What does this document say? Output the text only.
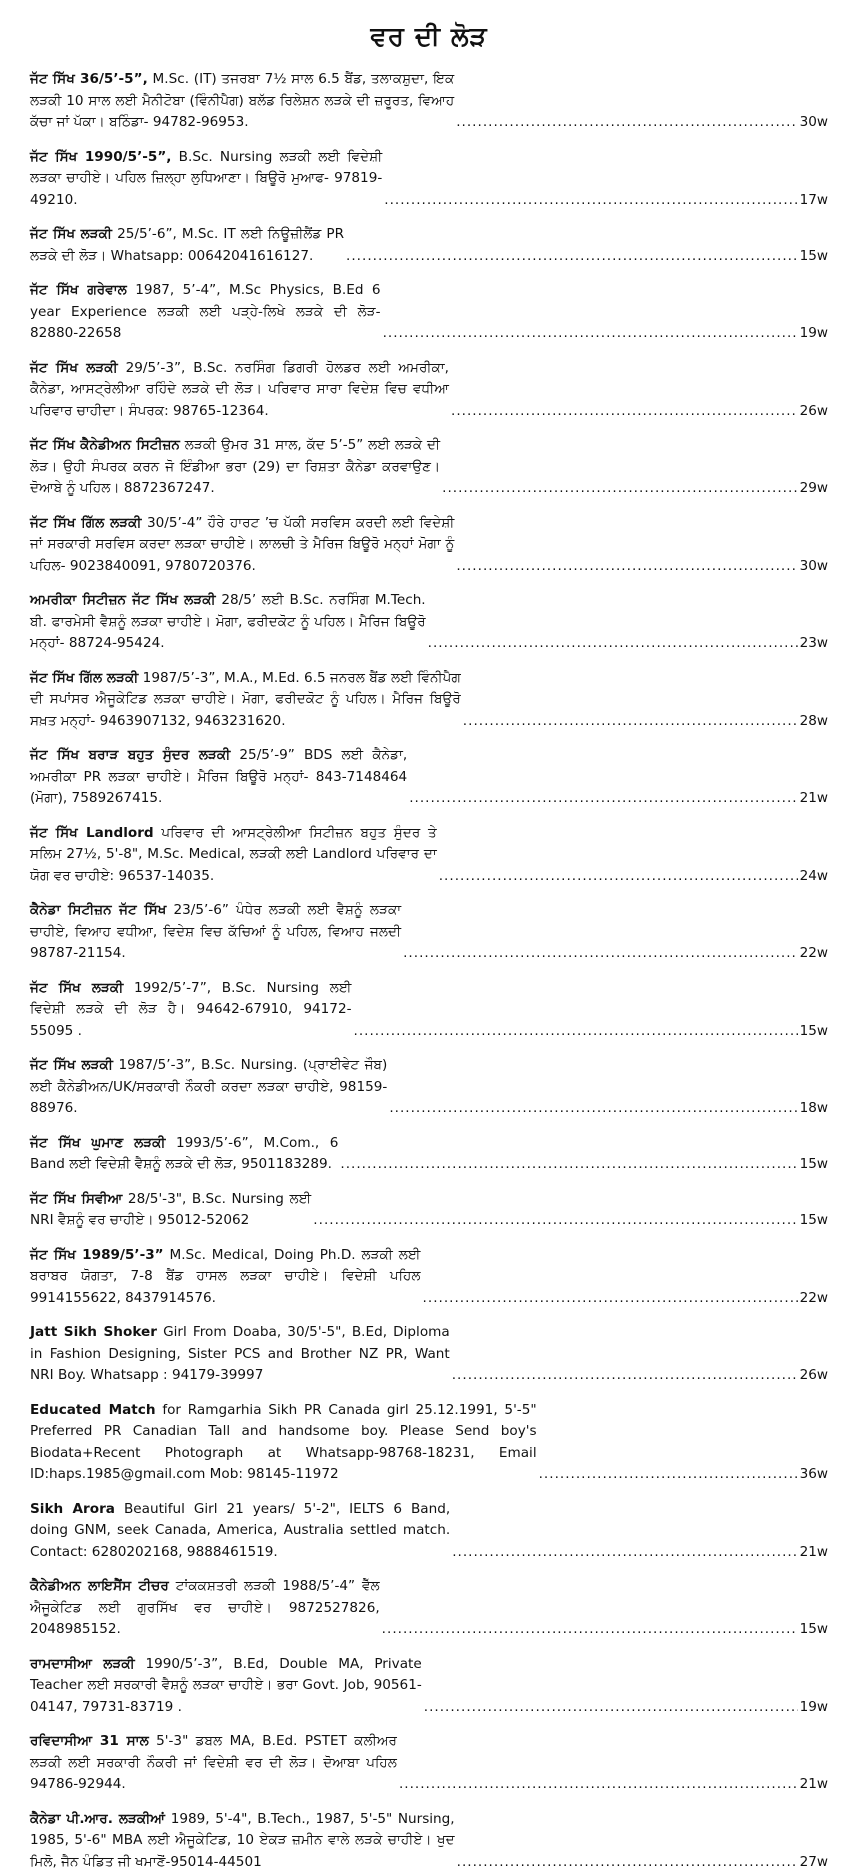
ਵਰ ਦੀ ਲੋੜ
ਜੱਟ ਸਿੱਖ 36/5’-5”, M.Sc. (IT) ਤਜਰਬਾ 7½ ਸਾਲ 6.5 ਬੈਂਡ, ਤਲਾਕਸ਼ੁਦਾ, ਇਕ ਲੜਕੀ 10 ਸਾਲ ਲਈ ਮੈਨੀਟੋਬਾ (ਵਿੰਨੀਪੈਗ) ਬਲੱਡ ਰਿਲੇਸ਼ਨ ਲੜਕੇ ਦੀ ਜ਼ਰੂਰਤ, ਵਿਆਹ ਕੱਚਾ ਜਾਂ ਪੱਕਾ। ਬਠਿੰਡਾ- 94782-96953. .....	30w
ਜੱਟ ਸਿੱਖ 1990/5’-5”, B.Sc. Nursing ਲੜਕੀ ਲਈ ਵਿਦੇਸ਼ੀ ਲੜਕਾ ਚਾਹੀਏ। ਪਹਿਲ ਜ਼ਿਲ੍ਹਾ ਲੁਧਿਆਣਾ। ਬਿਊਰੋ ਮੁਆਫ- 97819-49210. .....	17w
ਜੱਟ ਸਿੱਖ ਲੜਕੀ 25/5’-6”, M.Sc. IT ਲਈ ਨਿਊਜ਼ੀਲੈਂਡ PR ਲੜਕੇ ਦੀ ਲੋੜ। Whatsapp: 00642041616127. .....	15w
ਜੱਟ ਸਿੱਖ ਗਰੇਵਾਲ 1987, 5’-4”, M.Sc Physics, B.Ed 6 year Experience ਲੜਕੀ ਲਈ ਪੜ੍ਹੇ-ਲਿਖੇ ਲੜਕੇ ਦੀ ਲੋੜ- 82880-22658 .....	19w
ਜੱਟ ਸਿੱਖ ਲੜਕੀ 29/5’-3”, B.Sc. ਨਰਸਿੰਗ ਡਿਗਰੀ ਹੋਲਡਰ ਲਈ ਅਮਰੀਕਾ, ਕੈਨੇਡਾ, ਆਸਟ੍ਰੇਲੀਆ ਰਹਿੰਦੇ ਲੜਕੇ ਦੀ ਲੋੜ। ਪਰਿਵਾਰ ਸਾਰਾ ਵਿਦੇਸ਼ ਵਿਚ ਵਧੀਆ ਪਰਿਵਾਰ ਚਾਹੀਦਾ। ਸੰਪਰਕ: 98765-12364. .....	26w
ਜੱਟ ਸਿੱਖ ਕੈਨੇਡੀਅਨ ਸਿਟੀਜ਼ਨ ਲੜਕੀ ਉਮਰ 31 ਸਾਲ, ਕੱਦ 5’-5” ਲਈ ਲੜਕੇ ਦੀ ਲੋੜ। ਉਹੀ ਸੰਪਰਕ ਕਰਨ ਜੋ ਇੰਡੀਆ ਭਰਾ (29) ਦਾ ਰਿਸ਼ਤਾ ਕੈਨੇਡਾ ਕਰਵਾਉਣ। ਦੋਆਬੇ ਨੂੰ ਪਹਿਲ। 8872367247. .....	29w
ਜੱਟ ਸਿੱਖ ਗਿੱਲ ਲੜਕੀ 30/5’-4” ਹੌਰੇ ਹਾਰਟ ’ਚ ਪੱਕੀ ਸਰਵਿਸ ਕਰਦੀ ਲਈ ਵਿਦੇਸ਼ੀ ਜਾਂ ਸਰਕਾਰੀ ਸਰਵਿਸ ਕਰਦਾ ਲੜਕਾ ਚਾਹੀਏ। ਲਾਲਚੀ ਤੇ ਮੈਰਿਜ ਬਿਊਰੋ ਮਨ੍ਹਾਂ ਮੋਗਾ ਨੂੰ ਪਹਿਲ- 9023840091, 9780720376. .....	30w
ਅਮਰੀਕਾ ਸਿਟੀਜ਼ਨ ਜੱਟ ਸਿੱਖ ਲੜਕੀ 28/5’ ਲਈ B.Sc. ਨਰਸਿੰਗ M.Tech. ਬੀ. ਫਾਰਮੇਸੀ ਵੈਸ਼ਨੂੰ ਲੜਕਾ ਚਾਹੀਏ। ਮੋਗਾ, ਫਰੀਦਕੋਟ ਨੂੰ ਪਹਿਲ। ਮੈਰਿਜ ਬਿਊਰੋ ਮਨ੍ਹਾਂ- 88724-95424. .....	23w
ਜੱਟ ਸਿੱਖ ਗਿੱਲ ਲੜਕੀ 1987/5’-3”, M.A., M.Ed. 6.5 ਜਨਰਲ ਬੈਂਡ ਲਈ ਵਿੰਨੀਪੈਗ ਦੀ ਸਪਾਂਸਰ ਐਜੂਕੇਟਿਡ ਲੜਕਾ ਚਾਹੀਏ। ਮੋਗਾ, ਫਰੀਦਕੋਟ ਨੂੰ ਪਹਿਲ। ਮੈਰਿਜ ਬਿਊਰੋ ਸਖ਼ਤ ਮਨ੍ਹਾਂ- 9463907132, 9463231620. .....	28w
ਜੱਟ ਸਿੱਖ ਬਰਾੜ ਬਹੁਤ ਸੁੰਦਰ ਲੜਕੀ 25/5’-9” BDS ਲਈ ਕੈਨੇਡਾ, ਅਮਰੀਕਾ PR ਲੜਕਾ ਚਾਹੀਏ। ਮੈਰਿਜ ਬਿਊਰੋ ਮਨ੍ਹਾਂ- 843-7148464 (ਮੋਗਾ), 7589267415. .....	21w
ਜੱਟ ਸਿੱਖ Landlord ਪਰਿਵਾਰ ਦੀ ਆਸਟ੍ਰੇਲੀਆ ਸਿਟੀਜ਼ਨ ਬਹੁਤ ਸੁੰਦਰ ਤੇ ਸਲਿਮ 27½, 5'-8", M.Sc. Medical, ਲੜਕੀ ਲਈ Landlord ਪਰਿਵਾਰ ਦਾ ਯੋਗ ਵਰ ਚਾਹੀਏ: 96537-14035. .....	24w
ਕੈਨੇਡਾ ਸਿਟੀਜ਼ਨ ਜੱਟ ਸਿੱਖ 23/5’-6” ਪੰਧੇਰ ਲੜਕੀ ਲਈ ਵੈਸ਼ਨੂੰ ਲੜਕਾ ਚਾਹੀਏ, ਵਿਆਹ ਵਧੀਆ, ਵਿਦੇਸ਼ ਵਿਚ ਕੱਚਿਆਂ ਨੂੰ ਪਹਿਲ, ਵਿਆਹ ਜਲਦੀ 98787-21154. .....	22w
ਜੱਟ ਸਿੱਖ ਲੜਕੀ 1992/5’-7”, B.Sc. Nursing ਲਈ ਵਿਦੇਸ਼ੀ ਲੜਕੇ ਦੀ ਲੋੜ ਹੈ। 94642-67910, 94172-55095 . .....	15w
ਜੱਟ ਸਿੱਖ ਲੜਕੀ 1987/5’-3”, B.Sc. Nursing. (ਪ੍ਰਾਈਵੇਟ ਜੌਬ) ਲਈ ਕੈਨੇਡੀਅਨ/UK/ਸਰਕਾਰੀ ਨੌਕਰੀ ਕਰਦਾ ਲੜਕਾ ਚਾਹੀਏ, 98159-88976. .....	18w
ਜੱਟ ਸਿੱਖ ਘੁਮਾਣ ਲੜਕੀ 1993/5’-6”, M.Com., 6 Band ਲਈ ਵਿਦੇਸ਼ੀ ਵੈਸ਼ਨੂੰ ਲੜਕੇ ਦੀ ਲੋੜ, 9501183289. .....	15w
ਜੱਟ ਸਿੱਖ ਸਿਵੀਆ 28/5'-3", B.Sc. Nursing ਲਈ NRI ਵੈਸ਼ਨੂੰ ਵਰ ਚਾਹੀਏ। 95012-52062 .....	15w
ਜੱਟ ਸਿੱਖ 1989/5’-3” M.Sc. Medical, Doing Ph.D. ਲੜਕੀ ਲਈ ਬਰਾਬਰ ਯੋਗਤਾ, 7-8 ਬੈਂਡ ਹਾਸਲ ਲੜਕਾ ਚਾਹੀਏ। ਵਿਦੇਸ਼ੀ ਪਹਿਲ 9914155622, 8437914576. .....	22w
Jatt Sikh Shoker Girl From Doaba, 30/5'-5", B.Ed, Diploma in Fashion Designing, Sister PCS and Brother NZ PR, Want NRI Boy. Whatsapp : 94179-39997 .....	26w
Educated Match for Ramgarhia Sikh PR Canada girl 25.12.1991, 5'-5" Preferred PR Canadian Tall and handsome boy. Please Send boy's Biodata+Recent Photograph at Whatsapp-98768-18231, Email ID:haps.1985@gmail.com Mob: 98145-11972 .....	36w
Sikh Arora Beautiful Girl 21 years/ 5'-2", IELTS 6 Band, doing GNM, seek Canada, America, Australia settled match. Contact: 6280202168, 9888461519. .....	21w
ਕੈਨੇਡੀਅਨ ਲਾਇਸੈਂਸ ਟੀਚਰ ਟਾਂਕਕਸ਼ਤਰੀ ਲੜਕੀ 1988/5’-4” ਵੈੱਲ ਐਜੂਕੇਟਿਡ ਲਈ ਗੁਰਸਿੱਖ ਵਰ ਚਾਹੀਏ। 9872527826, 2048985152. .....	15w
ਰਾਮਦਾਸੀਆ ਲੜਕੀ 1990/5’-3”, B.Ed, Double MA, Private Teacher ਲਈ ਸਰਕਾਰੀ ਵੈਸ਼ਨੂੰ ਲੜਕਾ ਚਾਹੀਏ। ਭਰਾ Govt. Job, 90561-04147, 79731-83719 . .....	19w
ਰਵਿਦਾਸੀਆ 31 ਸਾਲ 5'-3" ਡਬਲ MA, B.Ed. PSTET ਕਲੀਅਰ ਲੜਕੀ ਲਈ ਸਰਕਾਰੀ ਨੌਕਰੀ ਜਾਂ ਵਿਦੇਸ਼ੀ ਵਰ ਦੀ ਲੋੜ। ਦੋਆਬਾ ਪਹਿਲ 94786-92944. .....	21w
ਕੈਨੇਡਾ ਪੀ.ਆਰ. ਲੜਕੀਆਂ 1989, 5'-4", B.Tech., 1987, 5'-5" Nursing, 1985, 5'-6" MBA ਲਈ ਐਜੂਕੇਟਿਡ, 10 ਏਕੜ ਜ਼ਮੀਨ ਵਾਲੇ ਲੜਕੇ ਚਾਹੀਏ। ਖੁਦ ਮਿਲੋ, ਜੈਨ ਪੰਡਿਤ ਜੀ ਖਮਾਣੋਂ-95014-44501 .....	27w
